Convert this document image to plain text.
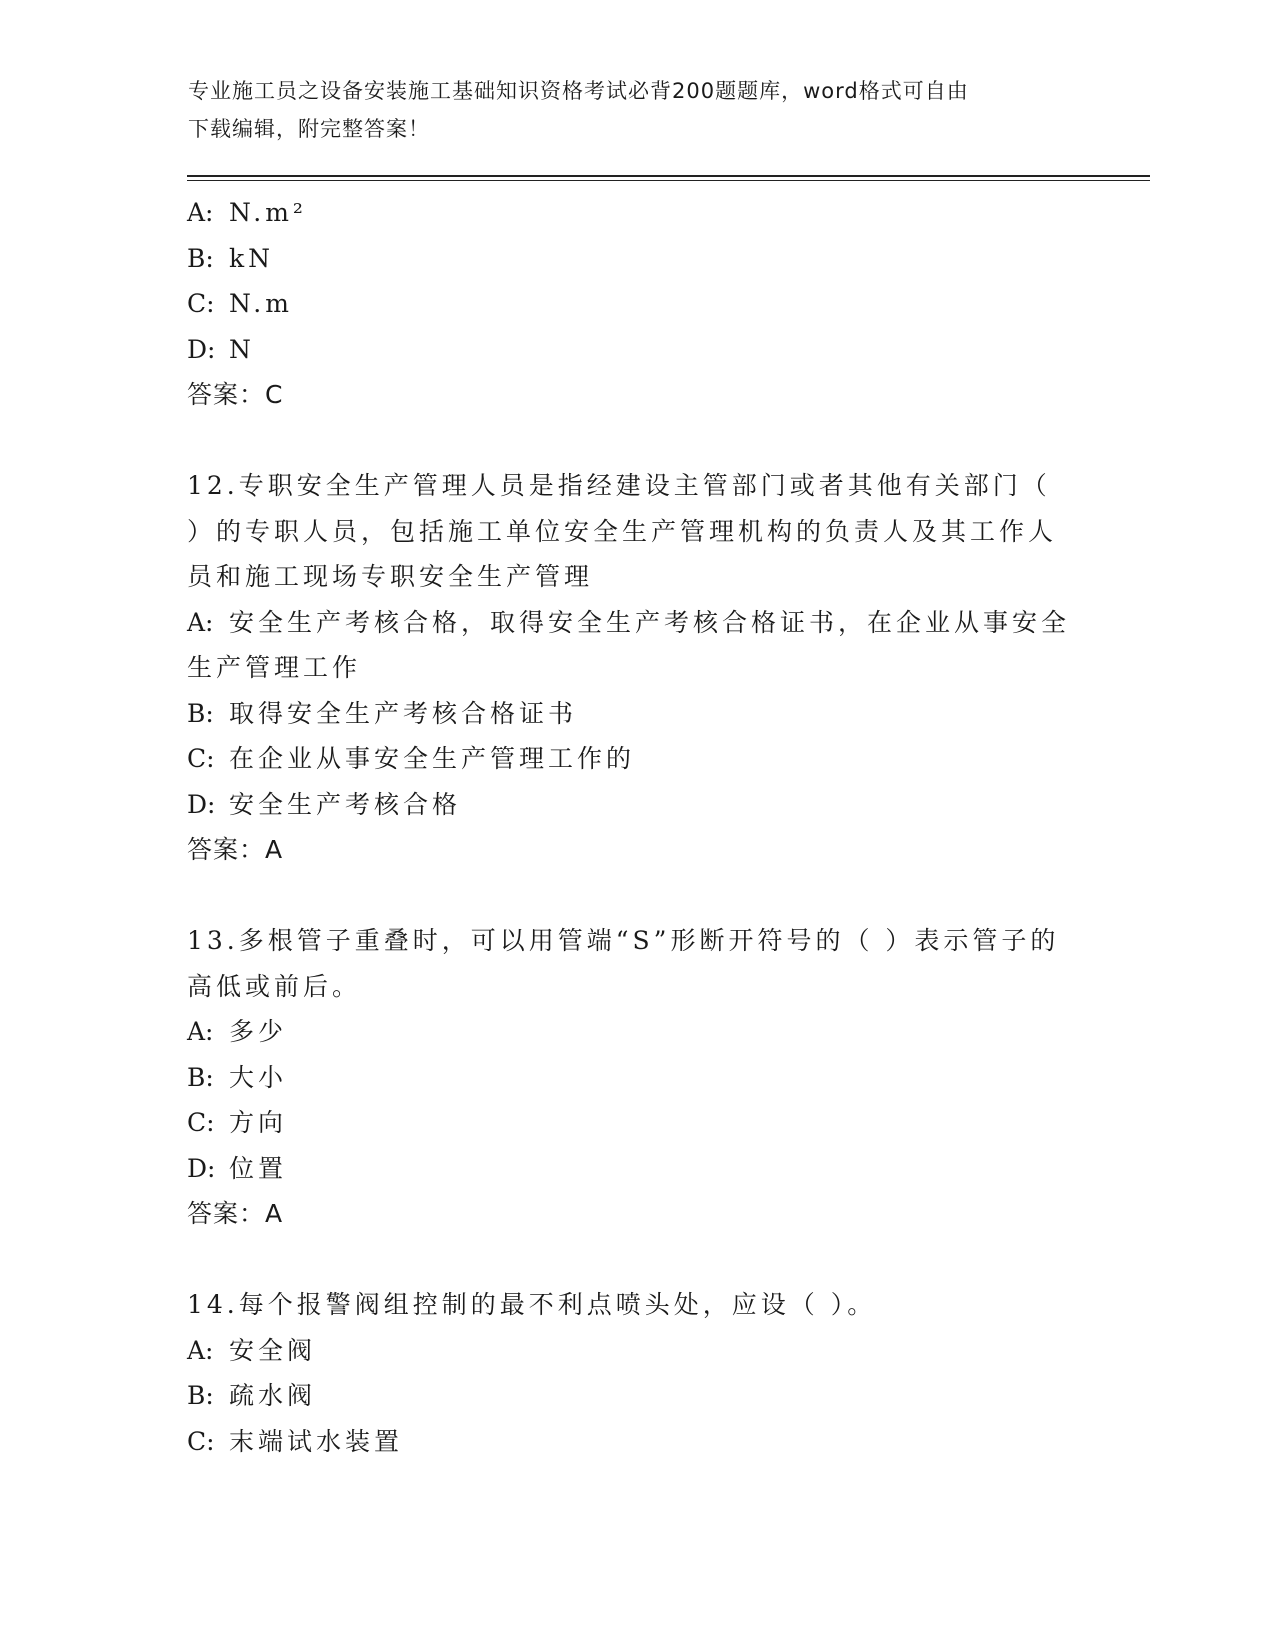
专业施工员之设备安装施工基础知识资格考试必背200题题库，word格式可自由
下载编辑，附完整答案！
A: N.m²
B: kN
C: N.m
D: N
答案：C
12.专职安全生产管理人员是指经建设主管部门或者其他有关部门（
）的专职人员，包括施工单位安全生产管理机构的负责人及其工作人
员和施工现场专职安全生产管理
A: 安全生产考核合格，取得安全生产考核合格证书，在企业从事安全
生产管理工作
B: 取得安全生产考核合格证书
C: 在企业从事安全生产管理工作的
D: 安全生产考核合格
答案：A
13.多根管子重叠时，可以用管端“S”形断开符号的（ ）表示管子的
高低或前后。
A: 多少
B: 大小
C: 方向
D: 位置
答案：A
14.每个报警阀组控制的最不利点喷头处，应设（ ）。
A: 安全阀
B: 疏水阀
C: 末端试水装置
